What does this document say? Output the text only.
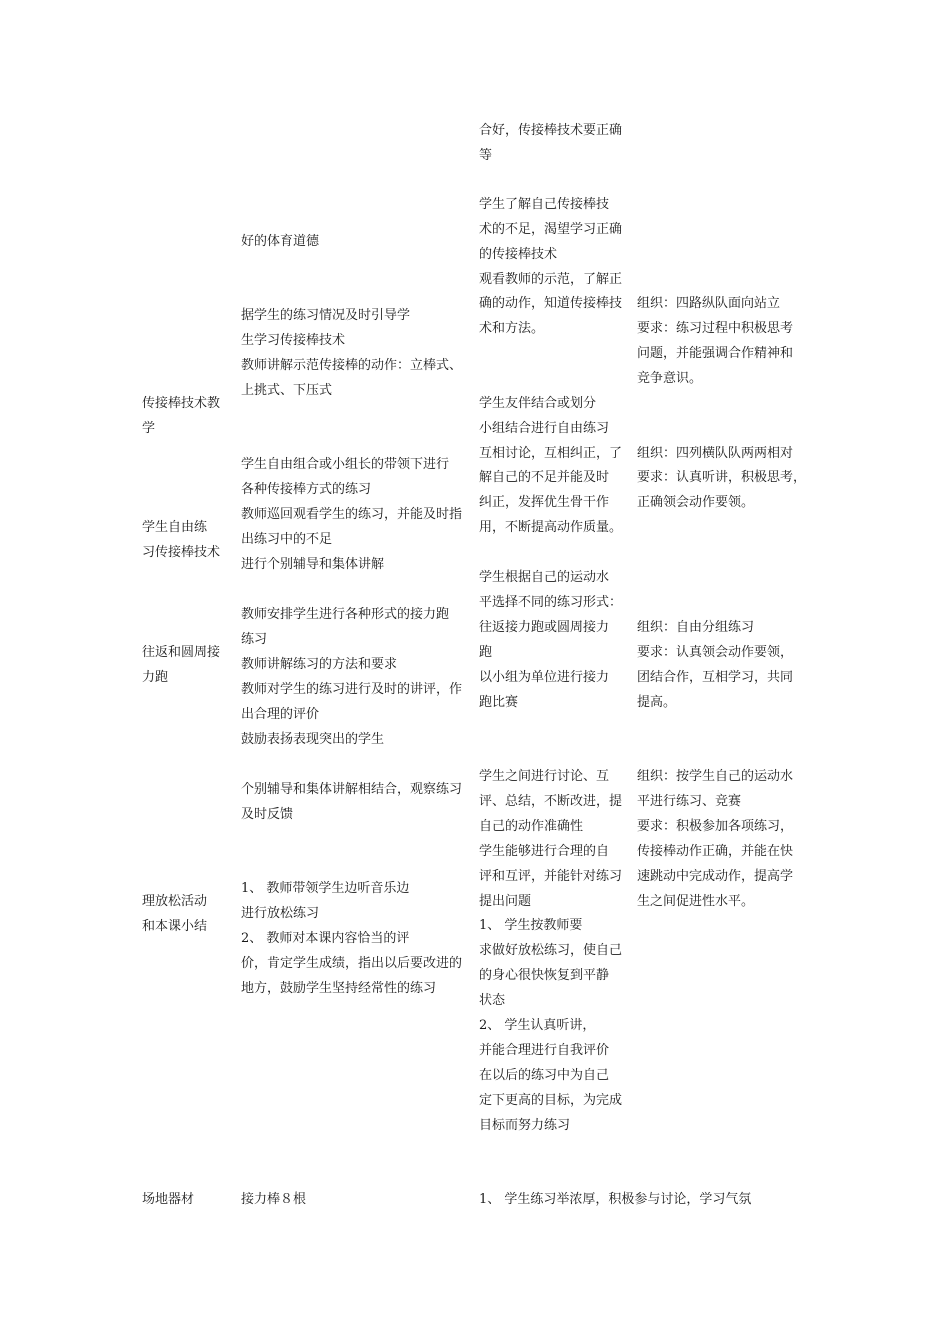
传接棒技术教
学
学生自由练
习传接棒技术
往返和圆周接
力跑
理放松活动
和本课小结
场地器材
好的体育道德
据学生的练习情况及时引导学
生学习传接棒技术
教师讲解示范传接棒的动作：立棒式、
上挑式、下压式
学生自由组合或小组长的带领下进行
各种传接棒方式的练习
教师巡回观看学生的练习，并能及时指
出练习中的不足
进行个别辅导和集体讲解
教师安排学生进行各种形式的接力跑
练习
教师讲解练习的方法和要求
教师对学生的练习进行及时的讲评，作
出合理的评价
鼓励表扬表现突出的学生
个别辅导和集体讲解相结合，观察练习
及时反馈
1、 教师带领学生边听音乐边
进行放松练习
2、 教师对本课内容恰当的评
价，肯定学生成绩，指出以后要改进的
地方，鼓励学生坚持经常性的练习
接力棒８根
合好，传接棒技术要正确
等
学生了解自己传接棒技
术的不足，渴望学习正确
的传接棒技术
观看教师的示范，了解正
确的动作，知道传接棒技
术和方法。
学生友伴结合或划分
小组结合进行自由练习
互相讨论，互相纠正，了
解自己的不足并能及时
纠正，发挥优生骨干作
用，不断提高动作质量。
学生根据自己的运动水
平选择不同的练习形式：
往返接力跑或圆周接力
跑
以小组为单位进行接力
跑比赛
学生之间进行讨论、互
评、总结，不断改进，提
自己的动作准确性
学生能够进行合理的自
评和互评，并能针对练习
提出问题
1、 学生按教师要
求做好放松练习，使自己
的身心很快恢复到平静
状态
2、 学生认真听讲，
并能合理进行自我评价
在以后的练习中为自己
定下更高的目标，为完成
目标而努力练习
1、 学生练习举浓厚，积极参与讨论，学习气氛
组织：四路纵队面向站立
要求：练习过程中积极思考
问题，并能强调合作精神和
竞争意识。
组织：四列横队队两两相对
要求：认真听讲，积极思考，
正确领会动作要领。
组织：自由分组练习
要求：认真领会动作要领，
团结合作，互相学习，共同
提高。
组织：按学生自己的运动水
平进行练习、竞赛
要求：积极参加各项练习，
传接棒动作正确，并能在快
速跳动中完成动作，提高学
生之间促进性水平。
